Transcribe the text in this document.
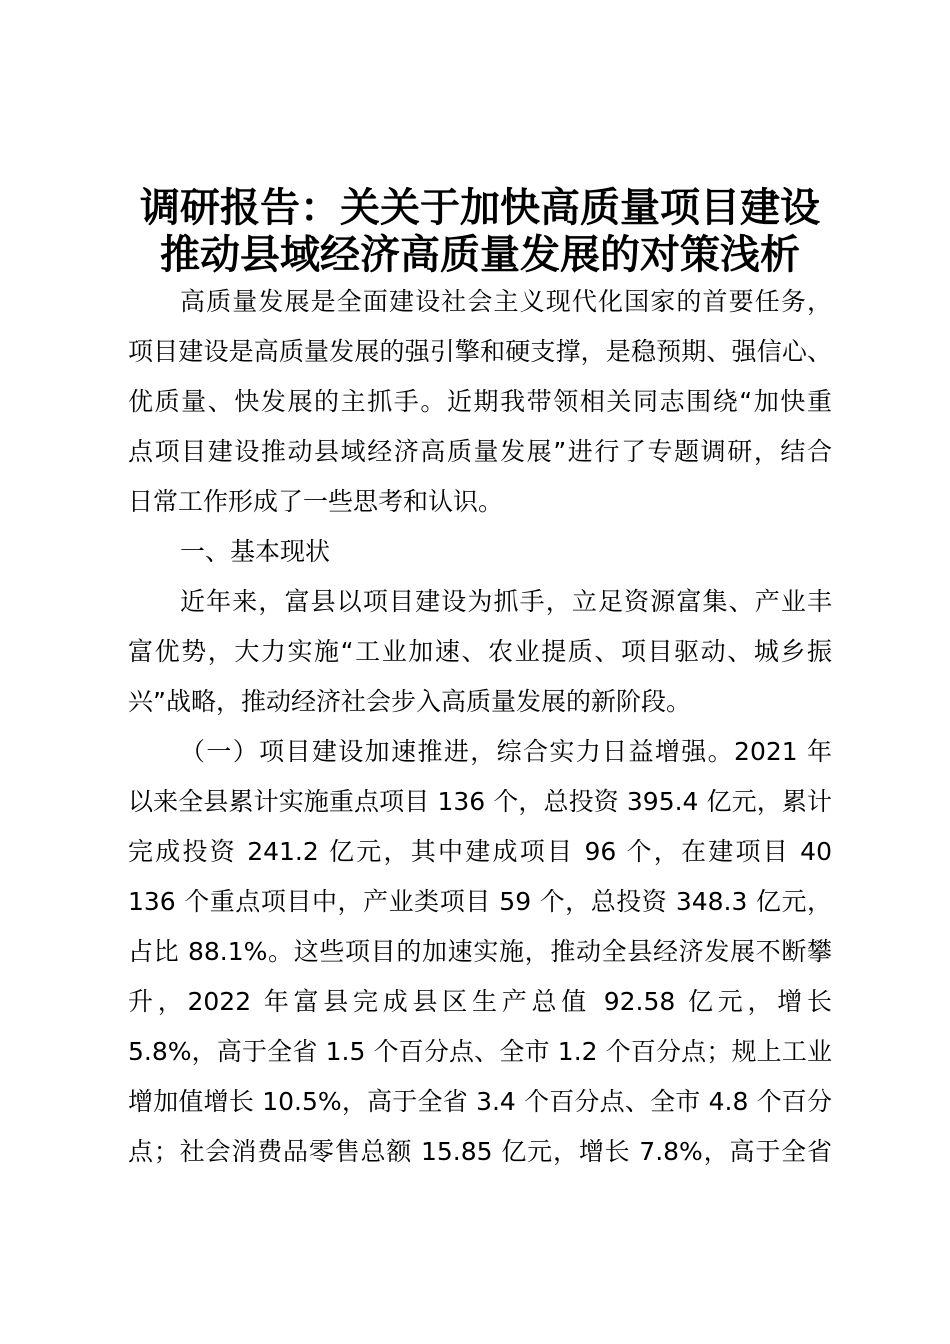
调研报告：关关于加快高质量项目建设
推动县域经济高质量发展的对策浅析
高质量发展是全面建设社会主义现代化国家的首要任务，
项目建设是高质量发展的强引擎和硬支撑，是稳预期、强信心、
优质量、快发展的主抓手。近期我带领相关同志围绕“加快重
点项目建设推动县域经济高质量发展”进行了专题调研，结合
日常工作形成了一些思考和认识。
一、基本现状
近年来，富县以项目建设为抓手，立足资源富集、产业丰
富优势，大力实施“工业加速、农业提质、项目驱动、城乡振
兴”战略，推动经济社会步入高质量发展的新阶段。
（一）项目建设加速推进，综合实力日益增强。2021 年
以来全县累计实施重点项目 136 个，总投资 395.4 亿元，累计
完成投资 241.2 亿元，其中建成项目 96 个，在建项目 40
136 个重点项目中，产业类项目 59 个，总投资 348.3 亿元，
占比 88.1%。这些项目的加速实施，推动全县经济发展不断攀
升，2022 年富县完成县区生产总值 92.58 亿元，增长
5.8%，高于全省 1.5 个百分点、全市 1.2 个百分点；规上工业
增加值增长 10.5%，高于全省 3.4 个百分点、全市 4.8 个百分
点；社会消费品零售总额 15.85 亿元，增长 7.8%，高于全省
